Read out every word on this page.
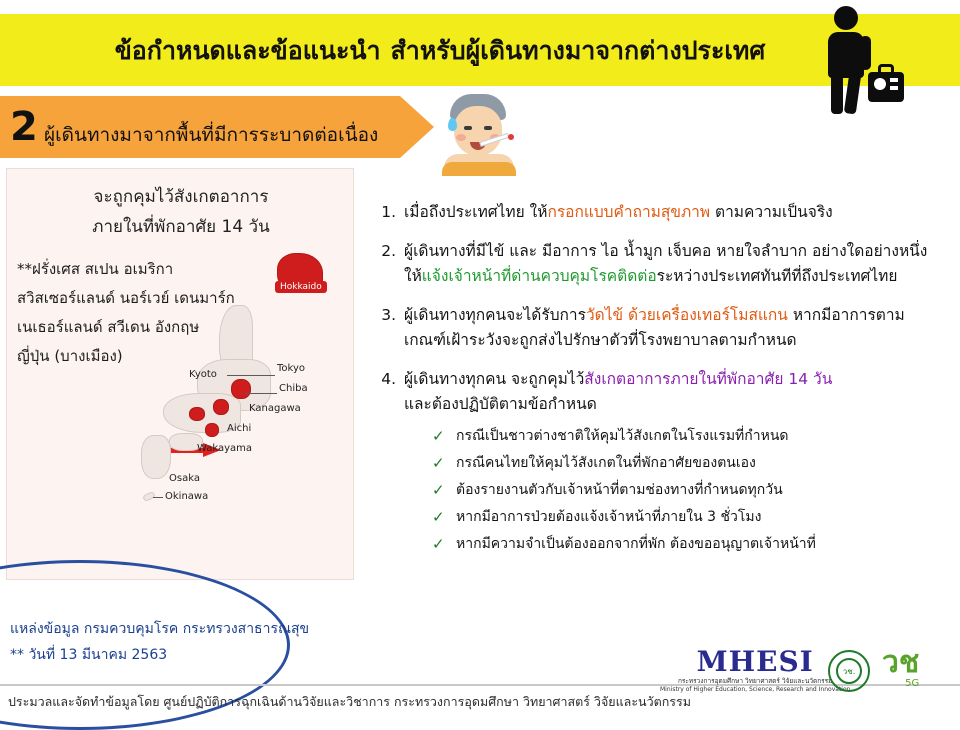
ข้อกำหนดและข้อแนะนำ สำหรับผู้เดินทางมาจากต่างประเทศ
2 ผู้เดินทางมาจากพื้นที่มีการระบาดต่อเนื่อง
จะถูกคุมไว้สังเกตอาการ
ภายในที่พักอาศัย 14 วัน
**ฝรั่งเศส สเปน อเมริกา
สวิสเซอร์แลนด์ นอร์เวย์ เดนมาร์ก
เนเธอร์แลนด์ สวีเดน อังกฤษ
ญี่ปุ่น (บางเมือง)
Hokkaido
Kyoto
Tokyo
Chiba
Kanagawa
Aichi
Wakayama
Osaka
Okinawa
1. เมื่อถึงประเทศไทย ให้กรอกแบบคำถามสุขภาพ ตามความเป็นจริง
2. ผู้เดินทางที่มีไข้ และ มีอาการ ไอ น้ำมูก เจ็บคอ หายใจลำบาก อย่างใดอย่างหนึ่ง
ให้แจ้งเจ้าหน้าที่ด่านควบคุมโรคติดต่อระหว่างประเทศทันทีที่ถึงประเทศไทย
3. ผู้เดินทางทุกคนจะได้รับการวัดไข้ ด้วยเครื่องเทอร์โมสแกน หากมีอาการตาม
เกณฑ์เฝ้าระวังจะถูกส่งไปรักษาตัวที่โรงพยาบาลตามกำหนด
4. ผู้เดินทางทุกคน จะถูกคุมไว้สังเกตอาการภายในที่พักอาศัย 14 วัน
และต้องปฏิบัติตามข้อกำหนด
✓ กรณีเป็นชาวต่างชาติให้คุมไว้สังเกตในโรงแรมที่กำหนด
✓ กรณีคนไทยให้คุมไว้สังเกตในที่พักอาศัยของตนเอง
✓ ต้องรายงานตัวกับเจ้าหน้าที่ตามช่องทางที่กำหนดทุกวัน
✓ หากมีอาการป่วยต้องแจ้งเจ้าหน้าที่ภายใน 3 ชั่วโมง
✓ หากมีความจำเป็นต้องออกจากที่พัก ต้องขออนุญาตเจ้าหน้าที่
แหล่งข้อมูล กรมควบคุมโรค กระทรวงสาธารณสุข
** วันที่ 13 มีนาคม 2563
ประมวลและจัดทำข้อมูลโดย ศูนย์ปฏิบัติการฉุกเฉินด้านวิจัยและวิชาการ กระทรวงการอุดมศึกษา วิทยาศาสตร์ วิจัยและนวัตกรรม
MHESI
กระทรวงการอุดมศึกษา วิทยาศาสตร์ วิจัยและนวัตกรรม
Ministry of Higher Education, Science, Research and Innovation
วช. วช
5G
